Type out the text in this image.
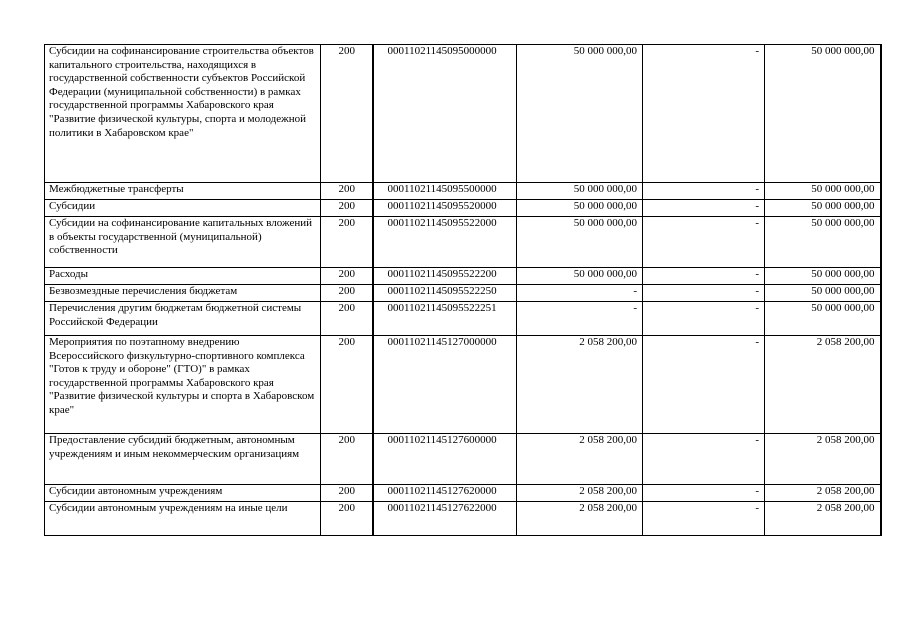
Субсидии на софинансирование строительства объектов капитального строительства, находящихся в государственной собственности субъектов Российской Федерации (муниципальной собственности) в рамках государственной программы Хабаровского края "Развитие физической культуры, спорта и молодежной политики в Хабаровском крае"	200	00011021145095000000	50 000 000,00	-	50 000 000,00
Межбюджетные трансферты	200	00011021145095500000	50 000 000,00	-	50 000 000,00
Субсидии	200	00011021145095520000	50 000 000,00	-	50 000 000,00
Субсидии на софинансирование капитальных вложений в объекты государственной (муниципальной) собственности	200	00011021145095522000	50 000 000,00	-	50 000 000,00
Расходы	200	00011021145095522200	50 000 000,00	-	50 000 000,00
Безвозмездные перечисления бюджетам	200	00011021145095522250	-	-	50 000 000,00
Перечисления другим бюджетам бюджетной системы Российской Федерации	200	00011021145095522251	-	-	50 000 000,00
Мероприятия по поэтапному внедрению Всероссийского физкультурно-спортивного комплекса "Готов к труду и обороне" (ГТО)" в рамках государственной программы Хабаровского края "Развитие физической культуры и спорта в Хабаровском крае"	200	00011021145127000000	2 058 200,00	-	2 058 200,00
Предоставление субсидий бюджетным, автономным учреждениям и иным некоммерческим организациям	200	00011021145127600000	2 058 200,00	-	2 058 200,00
Субсидии автономным учреждениям	200	00011021145127620000	2 058 200,00	-	2 058 200,00
Субсидии автономным учреждениям на иные цели	200	00011021145127622000	2 058 200,00	-	2 058 200,00
